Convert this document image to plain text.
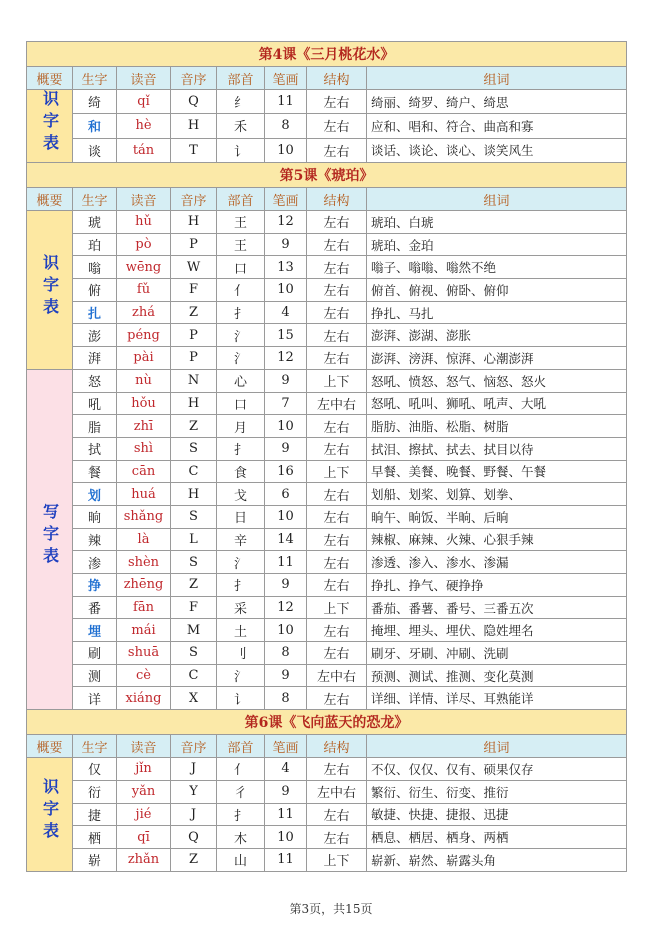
第4课《三月桃花水》							
概要	生字	读音	音序	部首	笔画	结构	组词
识字表	绮	qǐ	Q	纟	11	左右	绮丽、绮罗、绮户、绮思
	和	hè	H	禾	8	左右	应和、唱和、符合、曲高和寡
	谈	tán	T	讠	10	左右	谈话、谈论、谈心、谈笑风生
第5课《琥珀》							
概要	生字	读音	音序	部首	笔画	结构	组词
识字表	琥	hǔ	H	王	12	左右	琥珀、白琥
	珀	pò	P	王	9	左右	琥珀、金珀
	嗡	wēng	W	口	13	左右	嗡子、嗡嗡、嗡然不绝
	俯	fǔ	F	亻	10	左右	俯首、俯视、俯卧、俯仰
	扎	zhá	Z	扌	4	左右	挣扎、马扎
	澎	péng	P	氵	15	左右	澎湃、澎湖、澎胀
	湃	pài	P	氵	12	左右	澎湃、滂湃、惊湃、心潮澎湃
写字表	怒	nù	N	心	9	上下	怒吼、愤怒、怒气、恼怒、怒火
	吼	hǒu	H	口	7	左中右	怒吼、吼叫、狮吼、吼声、大吼
	脂	zhī	Z	月	10	左右	脂肪、油脂、松脂、树脂
	拭	shì	S	扌	9	左右	拭泪、擦拭、拭去、拭目以待
	餐	cān	C	食	16	上下	早餐、美餐、晚餐、野餐、午餐
	划	huá	H	戈	6	左右	划船、划桨、划算、划拳、
	晌	shǎng	S	日	10	左右	晌午、晌饭、半晌、后晌
	辣	là	L	辛	14	左右	辣椒、麻辣、火辣、心狠手辣
	渗	shèn	S	氵	11	左右	渗透、渗入、渗水、渗漏
	挣	zhēng	Z	扌	9	左右	挣扎、挣气、硬挣挣
	番	fān	F	采	12	上下	番茄、番薯、番号、三番五次
	埋	mái	M	土	10	左右	掩埋、埋头、埋伏、隐姓埋名
	刷	shuā	S	刂	8	左右	刷牙、牙刷、冲刷、洗刷
	测	cè	C	氵	9	左中右	预测、测试、推测、变化莫测
	详	xiáng	X	讠	8	左右	详细、详情、详尽、耳熟能详
第6课《飞向蓝天的恐龙》							
概要	生字	读音	音序	部首	笔画	结构	组词
识字表	仅	jǐn	J	亻	4	左右	不仅、仅仅、仅有、硕果仅存
	衍	yǎn	Y	彳	9	左中右	繁衍、衍生、衍变、推衍
	捷	jié	J	扌	11	左右	敏捷、快捷、捷报、迅捷
	栖	qī	Q	木	10	左右	栖息、栖居、栖身、两栖
	崭	zhǎn	Z	山	11	上下	崭新、崭然、崭露头角
第3页，共15页
